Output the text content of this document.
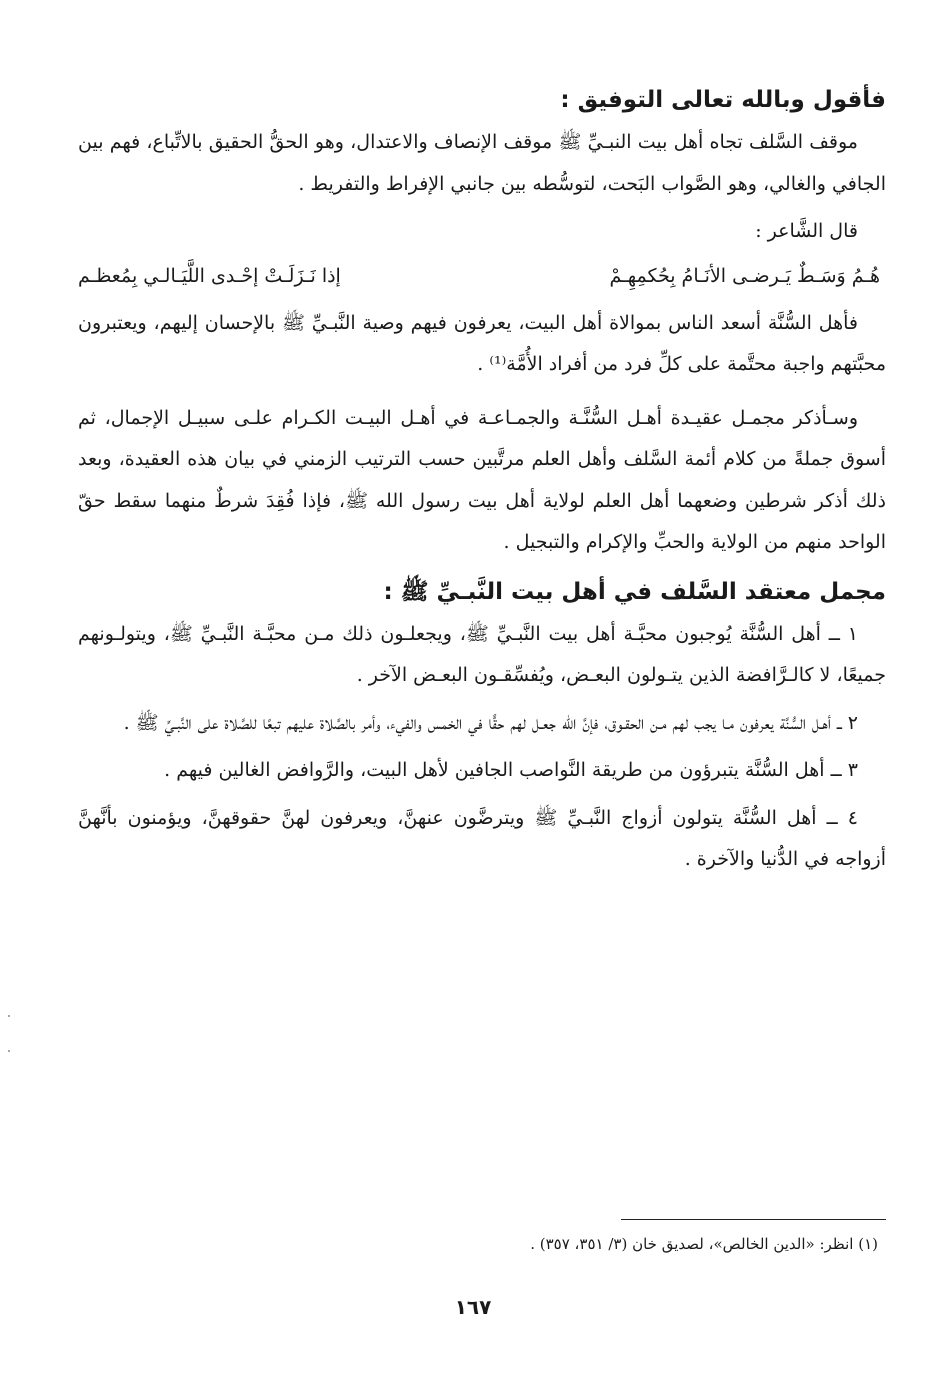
فأقول وبالله تعالى التوفيق :

موقف السَّلف تجاه أهل بيت النبـيِّ ﷺ موقف الإنصاف والاعتدال، وهو الحقُّ الحقيق بالاتِّباع، فهم بين الجافي والغالي، وهو الصَّواب البَحت، لتوسُّطه بين جانبي الإفراط والتفريط .

قال الشَّاعر :

هُـمُ وَسَـطٌ يَـرضـى الأنَـامُ بِحُكمِهِـمْ
إذا نَـزَلَـتْ إحْـدى اللَّيَـالـي بِمُعظـم

فأهل السُّنَّة أسعد الناس بموالاة أهل البيت، يعرفون فيهم وصية النَّبـيِّ ﷺ بالإحسان إليهم، ويعتبرون محبَّتهم واجبة محتَّمة على كلِّ فرد من أفراد الأُمَّة⁽¹⁾ .

وسـأذكر مجمـل عقيـدة أهـل السُّنَّـة والجمـاعـة في أهـل البيـت الكـرام علـى سبيـل الإجمال، ثم أسوق جملةً من كلام أئمة السَّلف وأهل العلم مرتَّبين حسب الترتيب الزمني في بيان هذه العقيدة، وبعد ذلك أذكر شرطين وضعهما أهل العلم لولاية أهل بيت رسول الله ﷺ، فإذا فُقِدَ شرطٌ منهما سقط حقّ الواحد منهم من الولاية والحبِّ والإكرام والتبجيل .

مجمل معتقد السَّلف في أهل بيت النَّبـيِّ ﷺ :

١ ــ أهل السُّنَّة يُوجبون محبَّـة أهل بيت النَّبـيِّ ﷺ، ويجعلـون ذلك مـن محبَّـة النَّبـيِّ ﷺ، ويتولـونهم جميعًا، لا كالـرَّافضة الذين يتـولون البعـض، ويُفسِّقـون البعـض الآخر .

٢ ــ أهـل السُّنَّة يعرفون مـا يجب لهم مـن الحقـوق، فإنَّ الله جعـل لهم حقًّا في الخمس والفيء، وأمر بالصَّلاة عليهم تبعًا للصَّلاة على النَّبـيِّ ﷺ .

٣ ــ أهل السُّنَّة يتبرؤون من طريقة النَّواصب الجافين لأهل البيت، والرَّوافض الغالين فيهم .

٤ ــ أهل السُّنَّة يتولون أزواج النَّبـيِّ ﷺ ويترضَّون عنهنَّ، ويعرفون لهنَّ حقوقهنَّ، ويؤمنون بأنَّهنَّ أزواجه في الدُّنيا والآخرة .

(١) انظر: «الدين الخالص»، لصديق خان (٣/ ٣٥١، ٣٥٧) .
١٦٧
